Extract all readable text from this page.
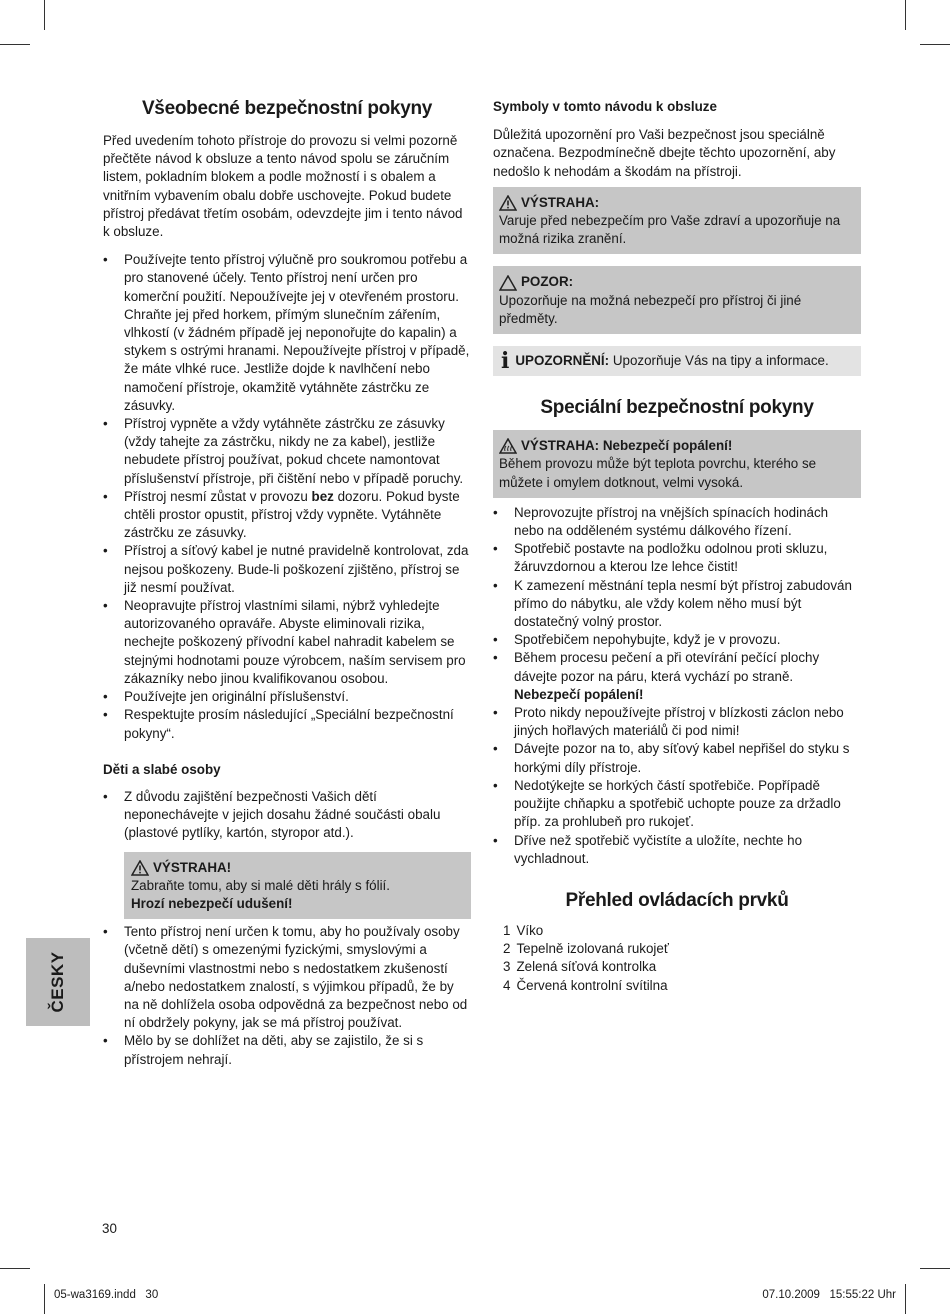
Všeobecné bezpečnostní pokyny

Před uvedením tohoto přístroje do provozu si velmi pozorně přečtěte návod k obsluze a tento návod spolu se záručním listem, pokladním blokem a podle možností i s obalem a vnitřním vybavením obalu dobře uschovejte. Pokud budete přístroj předávat třetím osobám, odevzdejte jim i tento návod k obsluze.

• Používejte tento přístroj výlučně pro soukromou potřebu a pro stanovené účely. Tento přístroj není určen pro komerční použití. Nepoužívejte jej v otevřeném prostoru. Chraňte jej před horkem, přímým slunečním zářením, vlhkostí (v žádném případě jej neponořujte do kapalin) a stykem s ostrými hranami. Nepoužívejte přístroj v případě, že máte vlhké ruce. Jestliže dojde k navlhčení nebo namočení přístroje, okamžitě vytáhněte zástrčku ze zásuvky.
• Přístroj vypněte a vždy vytáhněte zástrčku ze zásuvky (vždy tahejte za zástrčku, nikdy ne za kabel), jestliže nebudete přístroj používat, pokud chcete namontovat příslušenství přístroje, při čištění nebo v případě poruchy.
• Přístroj nesmí zůstat v provozu bez dozoru. Pokud byste chtěli prostor opustit, přístroj vždy vypněte. Vytáhněte zástrčku ze zásuvky.
• Přístroj a síťový kabel je nutné pravidelně kontrolovat, zda nejsou poškozeny. Bude-li poškození zjištěno, přístroj se již nesmí používat.
• Neopravujte přístroj vlastními silami, nýbrž vyhledejte autorizovaného opraváře. Abyste eliminovali rizika, nechejte poškozený přívodní kabel nahradit kabelem se stejnými hodnotami pouze výrobcem, naším servisem pro zákazníky nebo jinou kvalifikovanou osobou.
• Používejte jen originální příslušenství.
• Respektujte prosím následující „Speciální bezpečnostní pokyny“.
Děti a slabé osoby
• Z důvodu zajištění bezpečnosti Vašich dětí neponechávejte v jejich dosahu žádné součásti obalu (plastové pytlíky, kartón, styropor atd.).
VÝSTRAHA!
Zabraňte tomu, aby si malé děti hrály s fólií.
Hrozí nebezpečí udušení!
• Tento přístroj není určen k tomu, aby ho používaly osoby (včetně dětí) s omezenými fyzickými, smyslovými a duševními vlastnostmi nebo s nedostatkem zkušeností a/nebo nedostatkem znalostí, s výjimkou případů, že by na ně dohlížela osoba odpovědná za bezpečnost nebo od ní obdržely pokyny, jak se má přístroj používat.
• Mělo by se dohlížet na děti, aby se zajistilo, že si s přístrojem nehrají.
Symboly v tomto návodu k obsluze

Důležitá upozornění pro Vaši bezpečnost jsou speciálně označena. Bezpodmínečně dbejte těchto upozornění, aby nedošlo k nehodám a škodám na přístroji.

VÝSTRAHA:
Varuje před nebezpečím pro Vaše zdraví a upozorňuje na možná rizika zranění.
POZOR:
Upozorňuje na možná nebezpečí pro přístroj či jiné předměty.
i UPOZORNĚNÍ: Upozorňuje Vás na tipy a informace.
Speciální bezpečnostní pokyny
VÝSTRAHA: Nebezpečí popálení!
Během provozu může být teplota povrchu, kterého se můžete i omylem dotknout, velmi vysoká.
• Neprovozujte přístroj na vnějších spínacích hodinách nebo na odděleném systému dálkového řízení.
• Spotřebič postavte na podložku odolnou proti skluzu, žáruvzdornou a kterou lze lehce čistit!
• K zamezení městnání tepla nesmí být přístroj zabudován přímo do nábytku, ale vždy kolem něho musí být dostatečný volný prostor.
• Spotřebičem nepohybujte, když je v provozu.
• Během procesu pečení a při otevírání pečící plochy dávejte pozor na páru, která vychází po straně. Nebezpečí popálení!
• Proto nikdy nepoužívejte přístroj v blízkosti záclon nebo jiných hořlavých materiálů či pod nimi!
• Dávejte pozor na to, aby síťový kabel nepřišel do styku s horkými díly přístroje.
• Nedotýkejte se horkých částí spotřebiče. Popřípadě použijte chňapku a spotřebič uchopte pouze za držadlo příp. za prohlubeň pro rukojeť.
• Dříve než spotřebič vyčistíte a uložíte, nechte ho vychladnout.
Přehled ovládacích prvků
1 Víko
2 Tepelně izolovaná rukojeť
3 Zelená síťová kontrolka
4 Červená kontrolní svítilna
ČESKY
30
05-wa3169.indd   30	07.10.2009   15:55:22 Uhr
